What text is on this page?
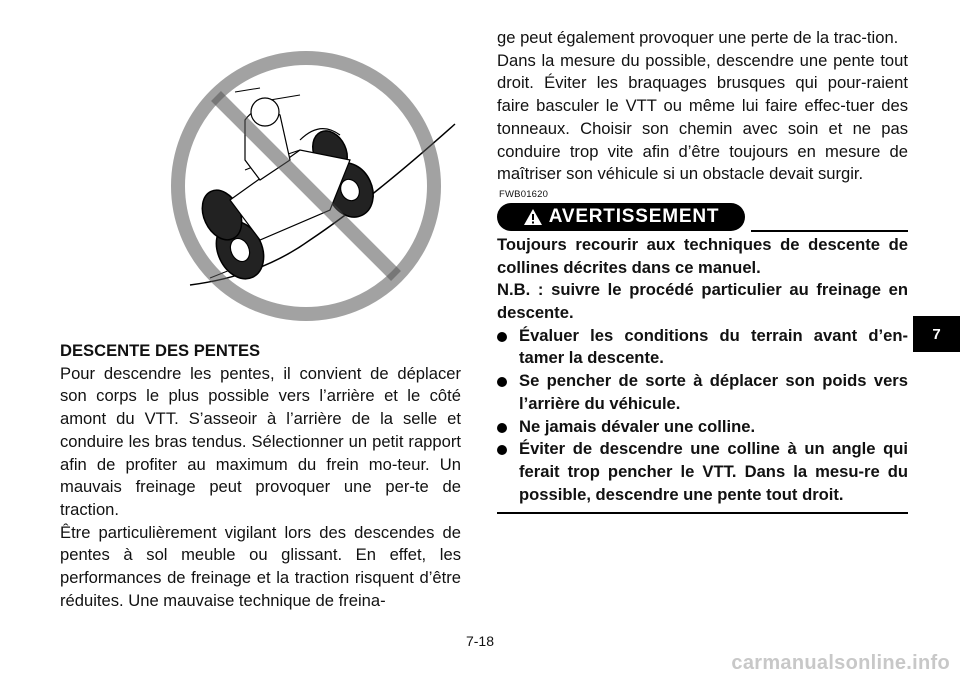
DESCENTE DES PENTES

Pour descendre les pentes, il convient de déplacer son corps le plus possible vers l’arrière et le côté amont du VTT. S’asseoir à l’arrière de la selle et conduire les bras tendus. Sélectionner un petit rapport afin de profiter au maximum du frein mo-teur. Un mauvais freinage peut provoquer une per-te de traction.

Être particulièrement vigilant lors des descendes de pentes à sol meuble ou glissant. En effet, les performances de freinage et la traction risquent d’être réduites. Une mauvaise technique de freina-

ge peut également provoquer une perte de la trac-tion.

Dans la mesure du possible, descendre une pente tout droit. Éviter les braquages brusques qui pour-raient faire basculer le VTT ou même lui faire effec-tuer des tonneaux. Choisir son chemin avec soin et ne pas conduire trop vite afin d’être toujours en mesure de maîtriser son véhicule si un obstacle devait surgir.

FWB01620
AVERTISSEMENT

Toujours recourir aux techniques de descente de collines décrites dans ce manuel.

N.B. : suivre le procédé particulier au freinage en descente.

Évaluer les conditions du terrain avant d’en-tamer la descente.
Se pencher de sorte à déplacer son poids vers l’arrière du véhicule.
Ne jamais dévaler une colline.
Éviter de descendre une colline à un angle qui ferait trop pencher le VTT. Dans la mesu-re du possible, descendre une pente tout droit.
7
7-18
carmanualsonline.info
